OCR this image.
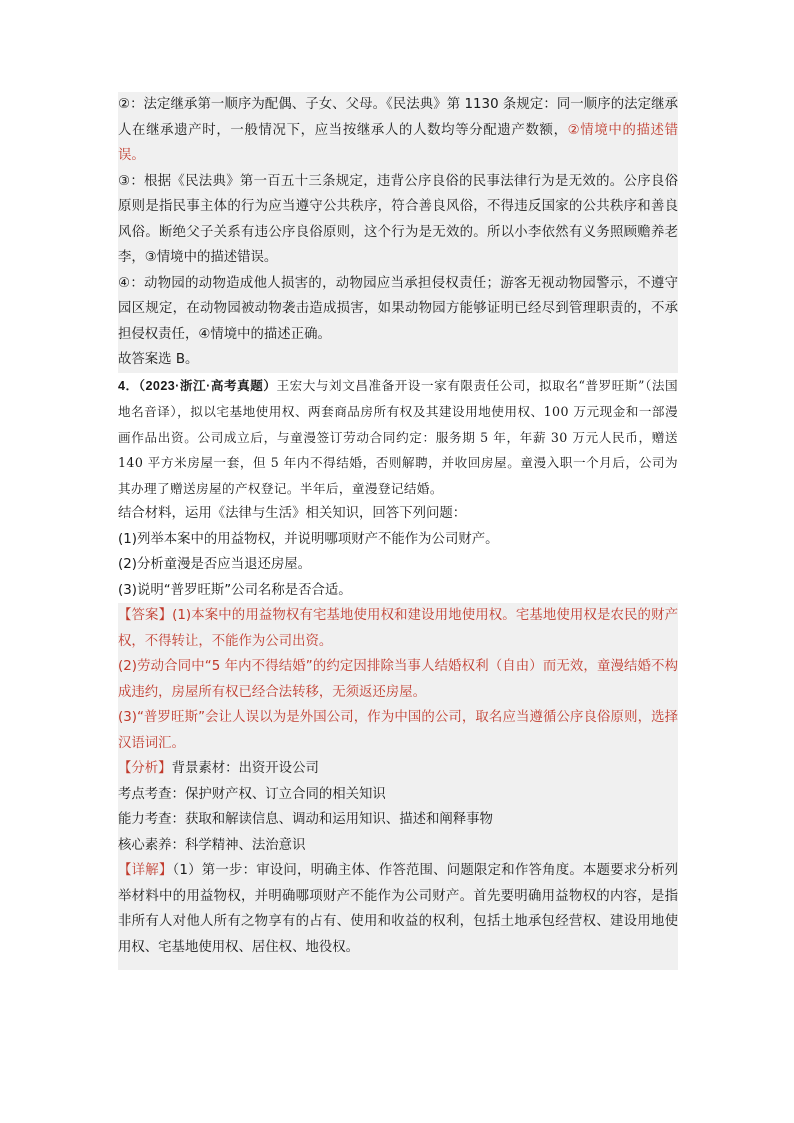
②：法定继承第一顺序为配偶、子女、父母。《民法典》第 1130 条规定：同一顺序的法定继承人在继承遗产时，一般情况下，应当按继承人的人数均等分配遗产数额，②情境中的描述错误。

③：根据《民法典》第一百五十三条规定，违背公序良俗的民事法律行为是无效的。公序良俗原则是指民事主体的行为应当遵守公共秩序，符合善良风俗，不得违反国家的公共秩序和善良风俗。断绝父子关系有违公序良俗原则，这个行为是无效的。所以小李依然有义务照顾赡养老李，③情境中的描述错误。

④：动物园的动物造成他人损害的，动物园应当承担侵权责任；游客无视动物园警示，不遵守园区规定，在动物园被动物袭击造成损害，如果动物园方能够证明已经尽到管理职责的，不承担侵权责任，④情境中的描述正确。

故答案选 B。

4．（2023·浙江·高考真题）王宏大与刘文昌准备开设一家有限责任公司，拟取名“普罗旺斯”（法国地名音译），拟以宅基地使用权、两套商品房所有权及其建设用地使用权、100 万元现金和一部漫画作品出资。公司成立后，与童漫签订劳动合同约定：服务期 5 年，年薪 30 万元人民币，赠送 140 平方米房屋一套，但 5 年内不得结婚，否则解聘，并收回房屋。童漫入职一个月后，公司为其办理了赠送房屋的产权登记。半年后，童漫登记结婚。

结合材料，运用《法律与生活》相关知识，回答下列问题：

(1)列举本案中的用益物权，并说明哪项财产不能作为公司财产。

(2)分析童漫是否应当退还房屋。

(3)说明“普罗旺斯”公司名称是否合适。

【答案】(1)本案中的用益物权有宅基地使用权和建设用地使用权。宅基地使用权是农民的财产权，不得转让，不能作为公司出资。

(2)劳动合同中“5 年内不得结婚”的约定因排除当事人结婚权利（自由）而无效，童漫结婚不构成违约，房屋所有权已经合法转移，无须返还房屋。

(3)“普罗旺斯”会让人误以为是外国公司，作为中国的公司，取名应当遵循公序良俗原则，选择汉语词汇。

【分析】背景素材：出资开设公司

考点考查：保护财产权、订立合同的相关知识

能力考查：获取和解读信息、调动和运用知识、描述和阐释事物

核心素养：科学精神、法治意识

【详解】（1）第一步：审设问，明确主体、作答范围、问题限定和作答角度。本题要求分析列举材料中的用益物权，并明确哪项财产不能作为公司财产。首先要明确用益物权的内容，是指非所有人对他人所有之物享有的占有、使用和收益的权利，包括土地承包经营权、建设用地使用权、宅基地使用权、居住权、地役权。
